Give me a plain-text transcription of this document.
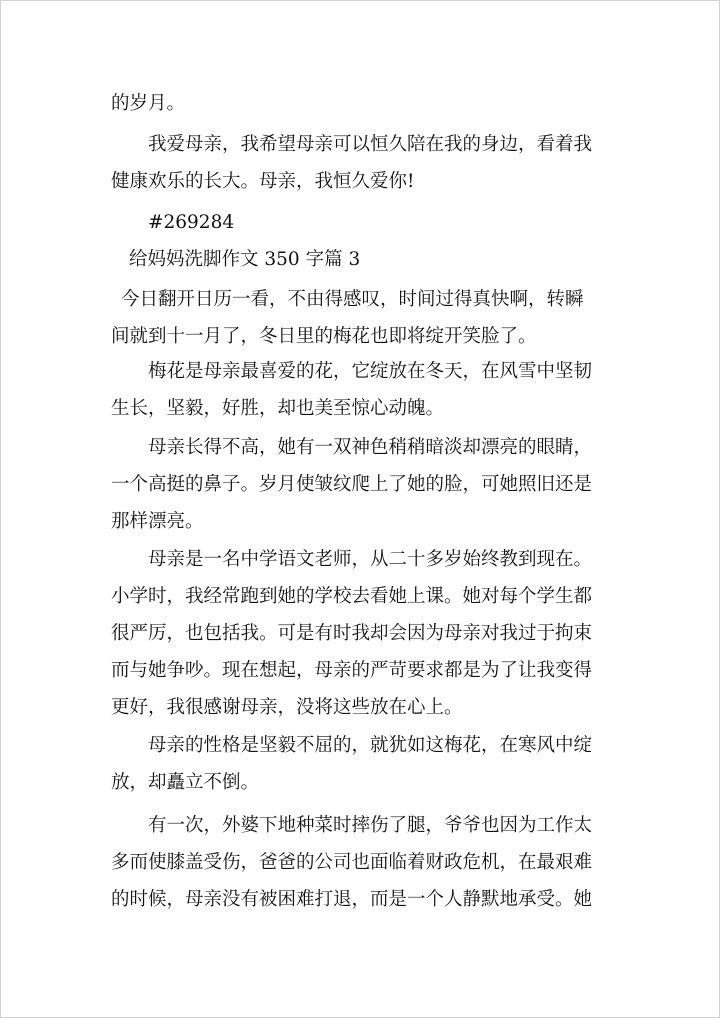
的岁月。
我爱母亲，我希望母亲可以恒久陪在我的身边，看着我
健康欢乐的长大。母亲，我恒久爱你!
#269284
给妈妈洗脚作文 350 字篇 3
今日翻开日历一看，不由得感叹，时间过得真快啊，转瞬
间就到十一月了，冬日里的梅花也即将绽开笑脸了。
梅花是母亲最喜爱的花，它绽放在冬天，在风雪中坚韧
生长，坚毅，好胜，却也美至惊心动魄。
母亲长得不高，她有一双神色稍稍暗淡却漂亮的眼睛，
一个高挺的鼻子。岁月使皱纹爬上了她的脸，可她照旧还是
那样漂亮。
母亲是一名中学语文老师，从二十多岁始终教到现在。
小学时，我经常跑到她的学校去看她上课。她对每个学生都
很严厉，也包括我。可是有时我却会因为母亲对我过于拘束
而与她争吵。现在想起，母亲的严苛要求都是为了让我变得
更好，我很感谢母亲，没将这些放在心上。
母亲的性格是坚毅不屈的，就犹如这梅花，在寒风中绽
放，却矗立不倒。
有一次，外婆下地种菜时摔伤了腿，爷爷也因为工作太
多而使膝盖受伤，爸爸的公司也面临着财政危机，在最艰难
的时候，母亲没有被困难打退，而是一个人静默地承受。她
